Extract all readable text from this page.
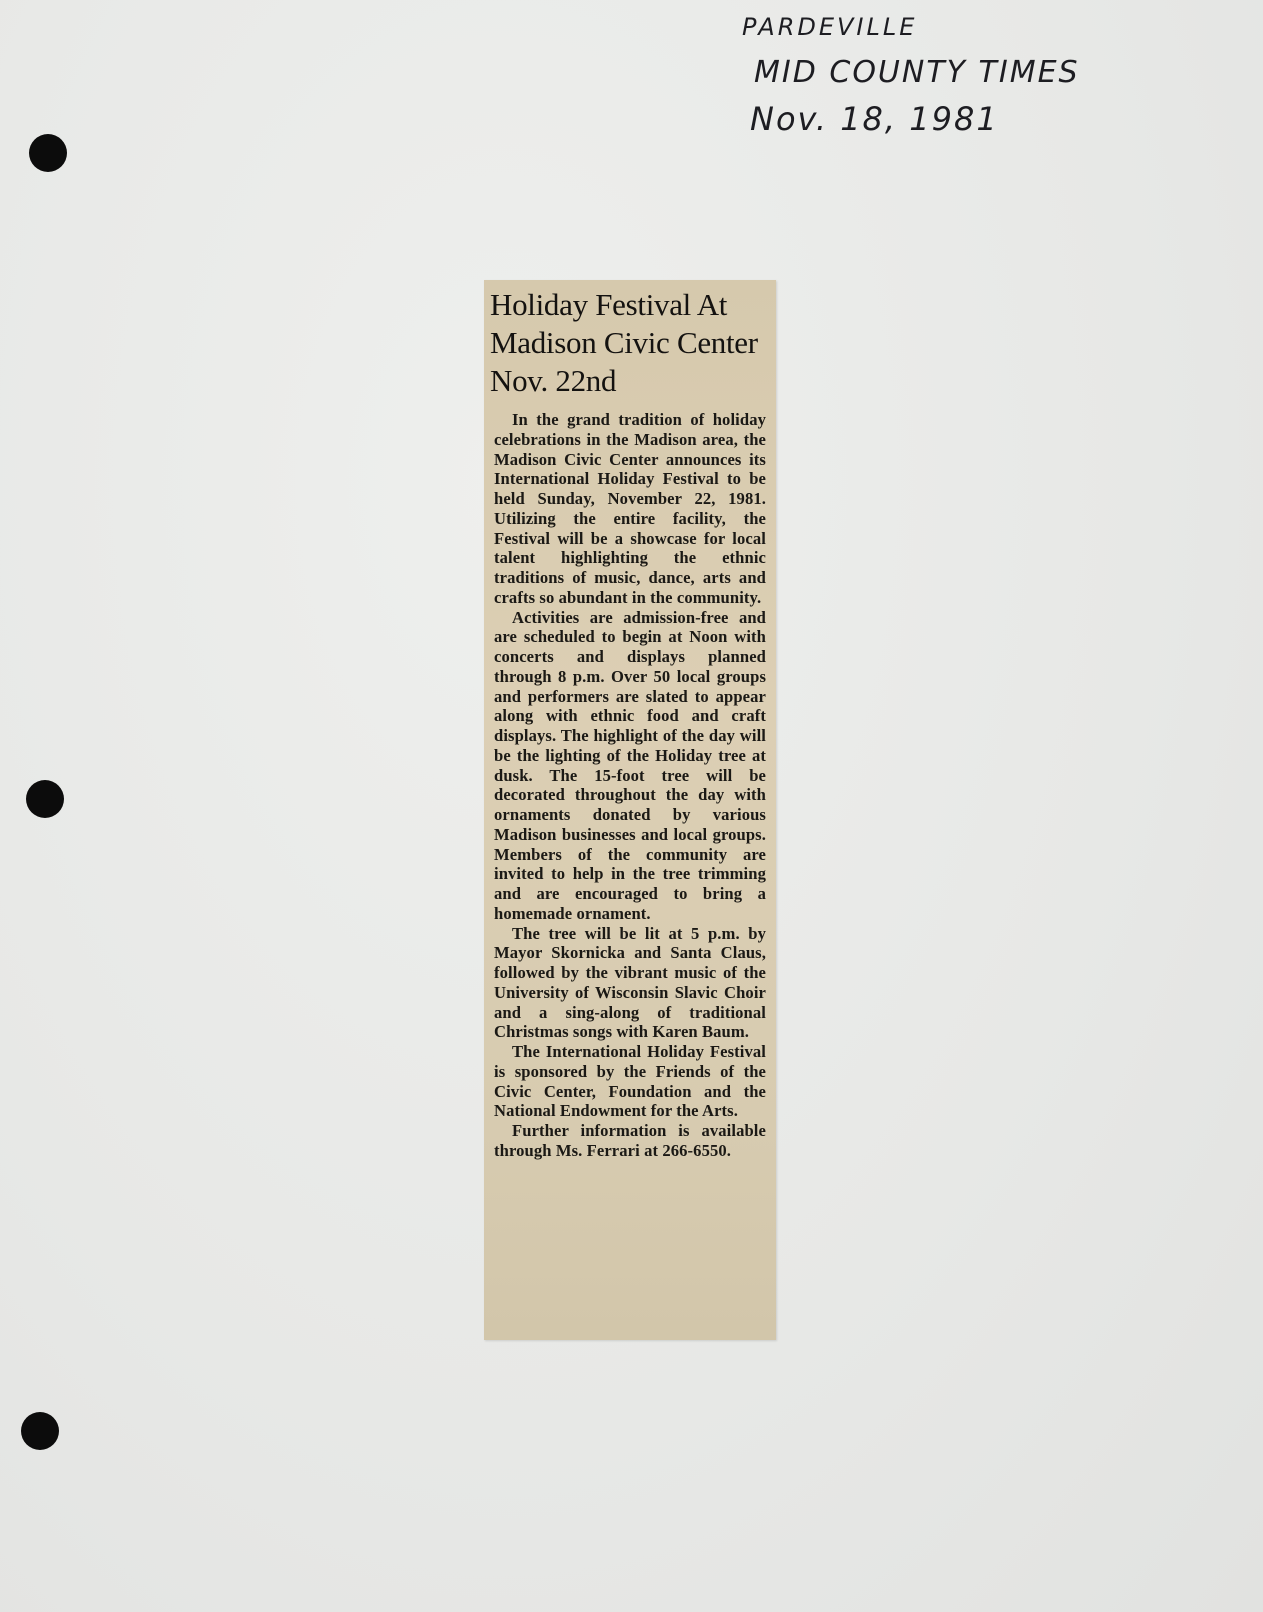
PARDEVILLE
MID COUNTY TIMES
Nov. 18, 1981
Holiday Festival At Madison Civic Center Nov. 22nd

In the grand tradition of holiday celebrations in the Madison area, the Madison Civic Center announces its International Holiday Festival to be held Sunday, November 22, 1981. Utilizing the entire facility, the Festival will be a showcase for local talent highlighting the ethnic traditions of music, dance, arts and crafts so abundant in the community.

Activities are admission-free and are scheduled to begin at Noon with concerts and displays planned through 8 p.m. Over 50 local groups and performers are slated to appear along with ethnic food and craft displays. The highlight of the day will be the lighting of the Holiday tree at dusk. The 15-foot tree will be decorated throughout the day with ornaments donated by various Madison businesses and local groups. Members of the community are invited to help in the tree trimming and are encouraged to bring a homemade ornament.

The tree will be lit at 5 p.m. by Mayor Skornicka and Santa Claus, followed by the vibrant music of the University of Wisconsin Slavic Choir and a sing-along of traditional Christmas songs with Karen Baum.

The International Holiday Festival is sponsored by the Friends of the Civic Center, Foundation and the National Endowment for the Arts.

Further information is available through Ms. Ferrari at 266-6550.
